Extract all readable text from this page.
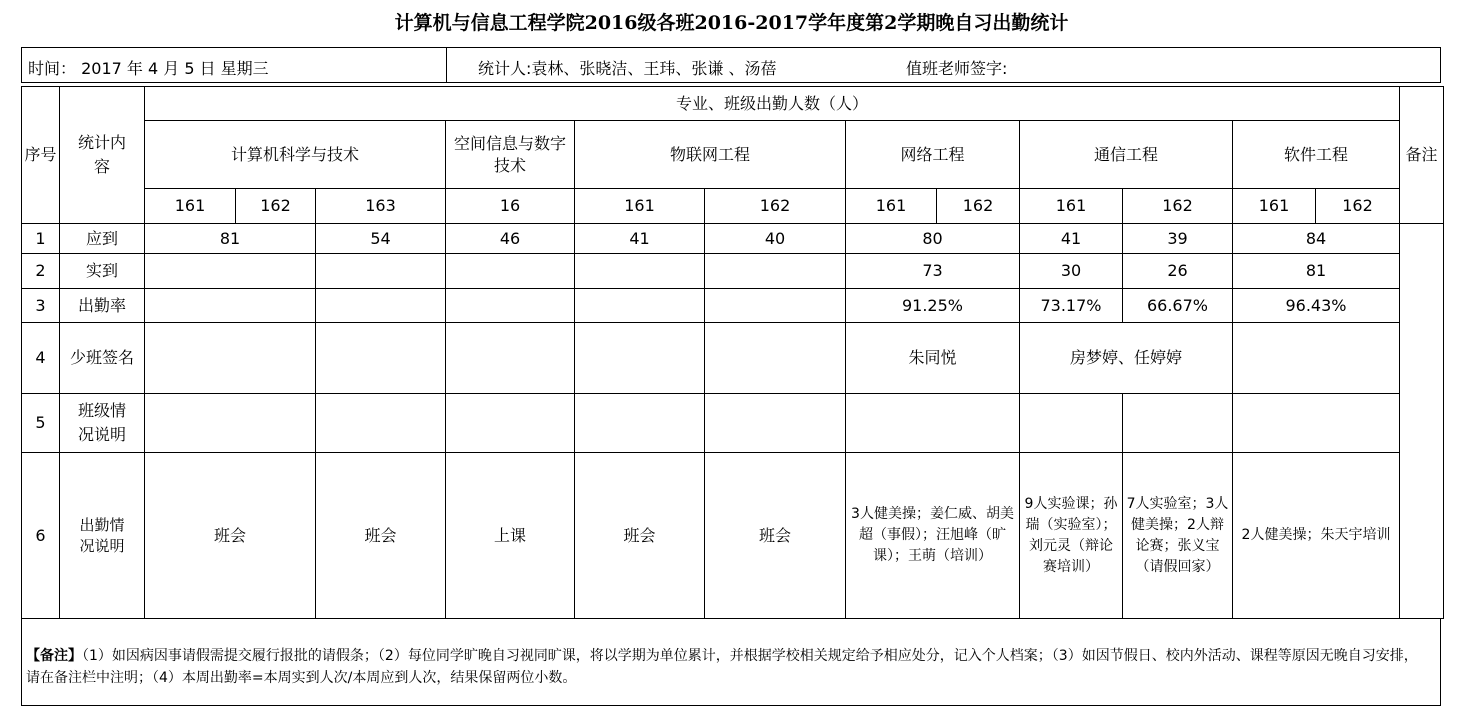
计算机与信息工程学院2016级各班2016-2017学年度第2学期晚自习出勤统计
时间： 2017 年 4 月 5 日 星期三	统计人:袁林、张晓洁、王玮、张谦 、汤蓓	值班老师签字:
序号	统计内容	专业、班级出勤人数（人）												备注
		计算机科学与技术			空间信息与数字技术	物联网工程		网络工程		通信工程		软件工程		
		161	162	163	16	161	162	161	162	161	162	161	162	
1	应到	81		54	46	41	40	80		41	39	84		
2	实到							73		30	26	81		
3	出勤率							91.25%		73.17%	66.67%	96.43%		
4	少班签名							朱同悦		房梦婷、任婷婷				
5	班级情况说明													
6	出勤情况说明	班会		班会	上课	班会	班会	3人健美操；姜仁威、胡美超（事假）；汪旭峰（旷课）；王萌（培训）		9人实验课；孙瑞（实验室）；刘元灵（辩论赛培训）	7人实验室；3人健美操；2人辩论赛；张义宝（请假回家）	2人健美操；朱天宇培训		
【备注】（1）如因病因事请假需提交履行报批的请假条；（2）每位同学旷晚自习视同旷课，将以学期为单位累计，并根据学校相关规定给予相应处分，记入个人档案；（3）如因节假日、校内外活动、课程等原因无晚自习安排，请在备注栏中注明；（4）本周出勤率=本周实到人次/本周应到人次，结果保留两位小数。
